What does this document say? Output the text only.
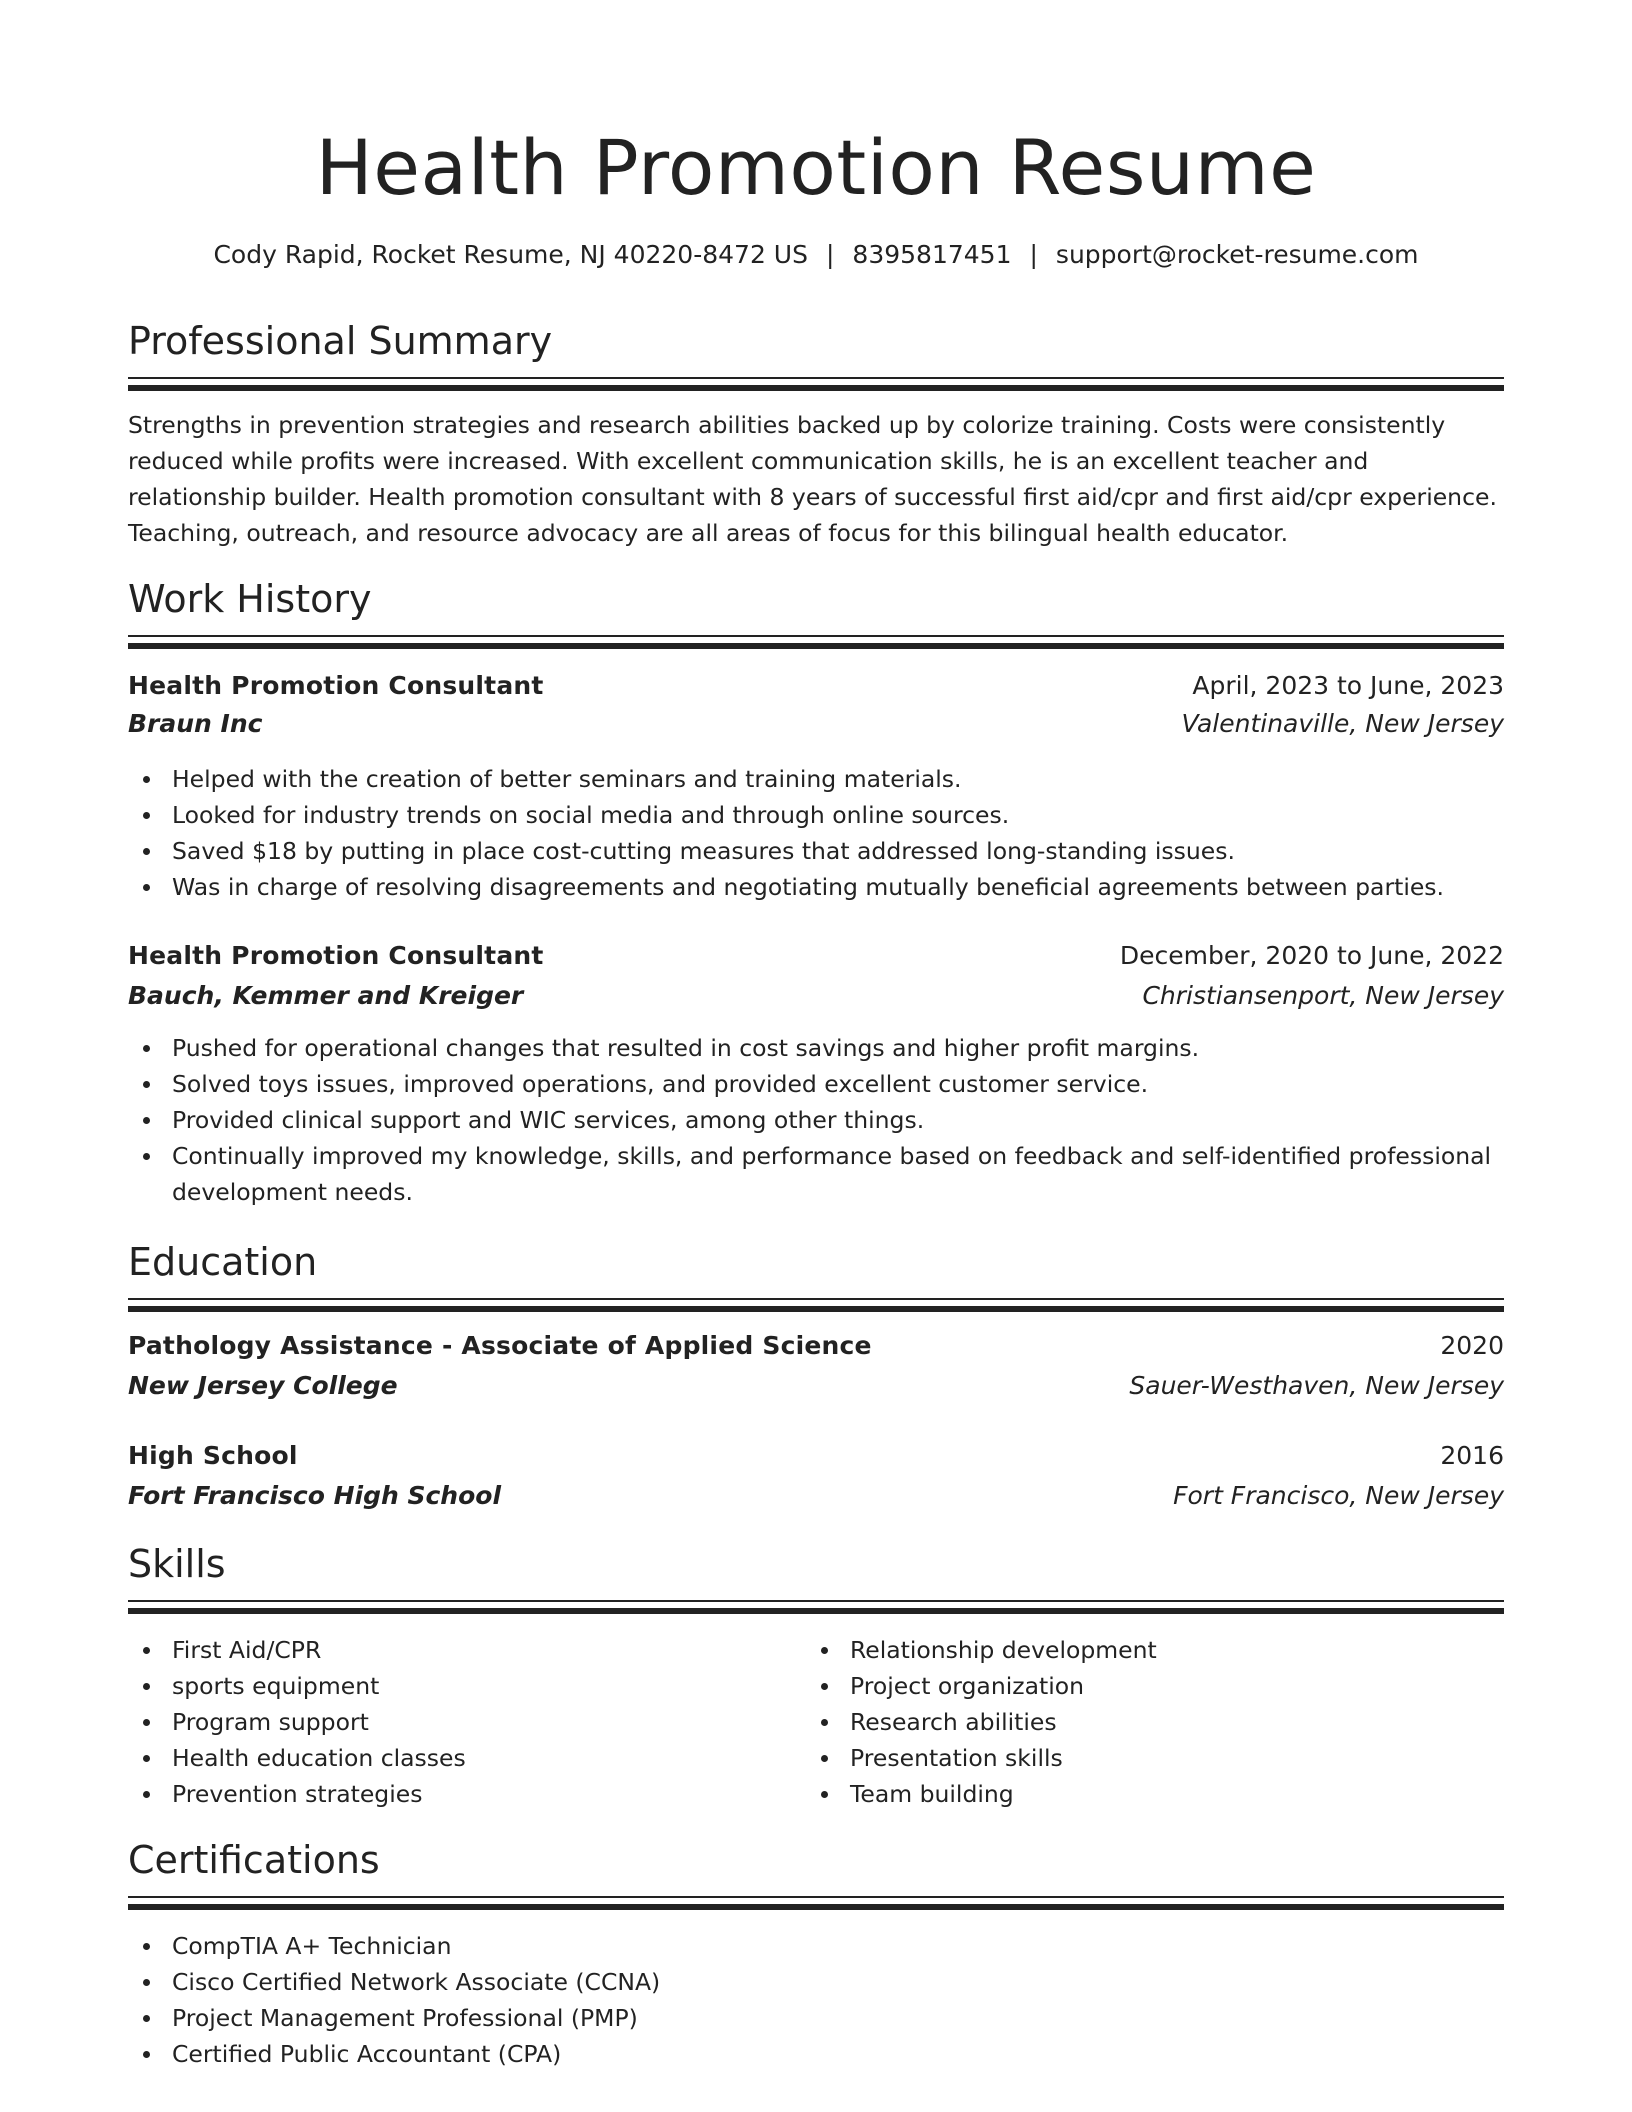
Health Promotion Resume
Cody Rapid, Rocket Resume, NJ 40220-8472 US | 8395817451 | support@rocket-resume.com
Professional Summary

Strengths in prevention strategies and research abilities backed up by colorize training. Costs were consistently reduced while profits were increased. With excellent communication skills, he is an excellent teacher and relationship builder. Health promotion consultant with 8 years of successful first aid/cpr and first aid/cpr experience. Teaching, outreach, and resource advocacy are all areas of focus for this bilingual health educator.

Work History
Health Promotion Consultant	April, 2023 to June, 2023
Braun Inc	Valentinaville, New Jersey
Helped with the creation of better seminars and training materials.
Looked for industry trends on social media and through online sources.
Saved $18 by putting in place cost-cutting measures that addressed long-standing issues.
Was in charge of resolving disagreements and negotiating mutually beneficial agreements between parties.
Health Promotion Consultant	December, 2020 to June, 2022
Bauch, Kemmer and Kreiger	Christiansenport, New Jersey
Pushed for operational changes that resulted in cost savings and higher profit margins.
Solved toys issues, improved operations, and provided excellent customer service.
Provided clinical support and WIC services, among other things.
Continually improved my knowledge, skills, and performance based on feedback and self-identified professional development needs.
Education
Pathology Assistance - Associate of Applied Science	2020
New Jersey College	Sauer-Westhaven, New Jersey
High School	2016
Fort Francisco High School	Fort Francisco, New Jersey
Skills
First Aid/CPR
sports equipment
Program support
Health education classes
Prevention strategies
Relationship development
Project organization
Research abilities
Presentation skills
Team building
Certifications
CompTIA A+ Technician
Cisco Certified Network Associate (CCNA)
Project Management Professional (PMP)
Certified Public Accountant (CPA)
